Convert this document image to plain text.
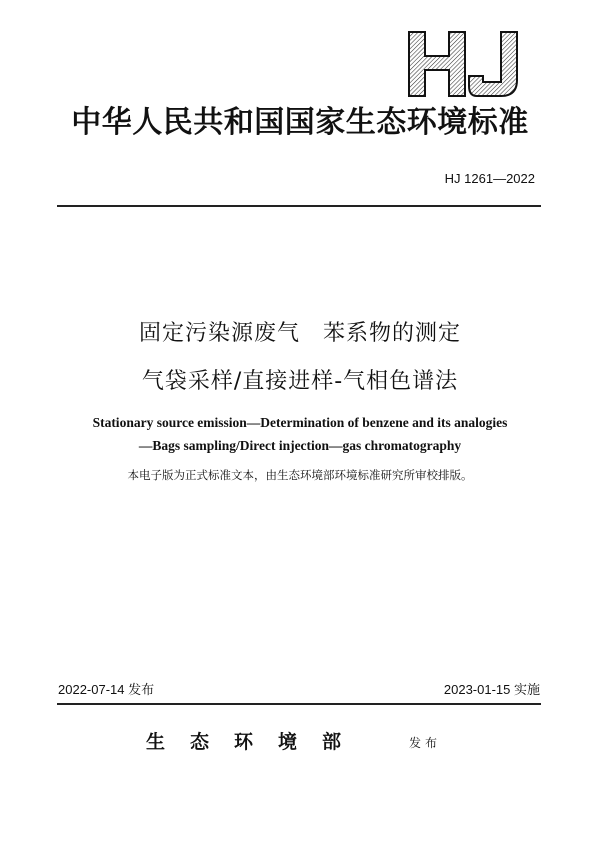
中华人民共和国国家生态环境标准
HJ 1261—2022
固定污染源废气　苯系物的测定
气袋采样/直接进样-气相色谱法
Stationary source emission—Determination of benzene and its analogies
—Bags sampling/Direct injection—gas chromatography
本电子版为正式标准文本，由生态环境部环境标准研究所审校排版。
2022-07-14 发布	2023-01-15 实施
生态环境部	发布
